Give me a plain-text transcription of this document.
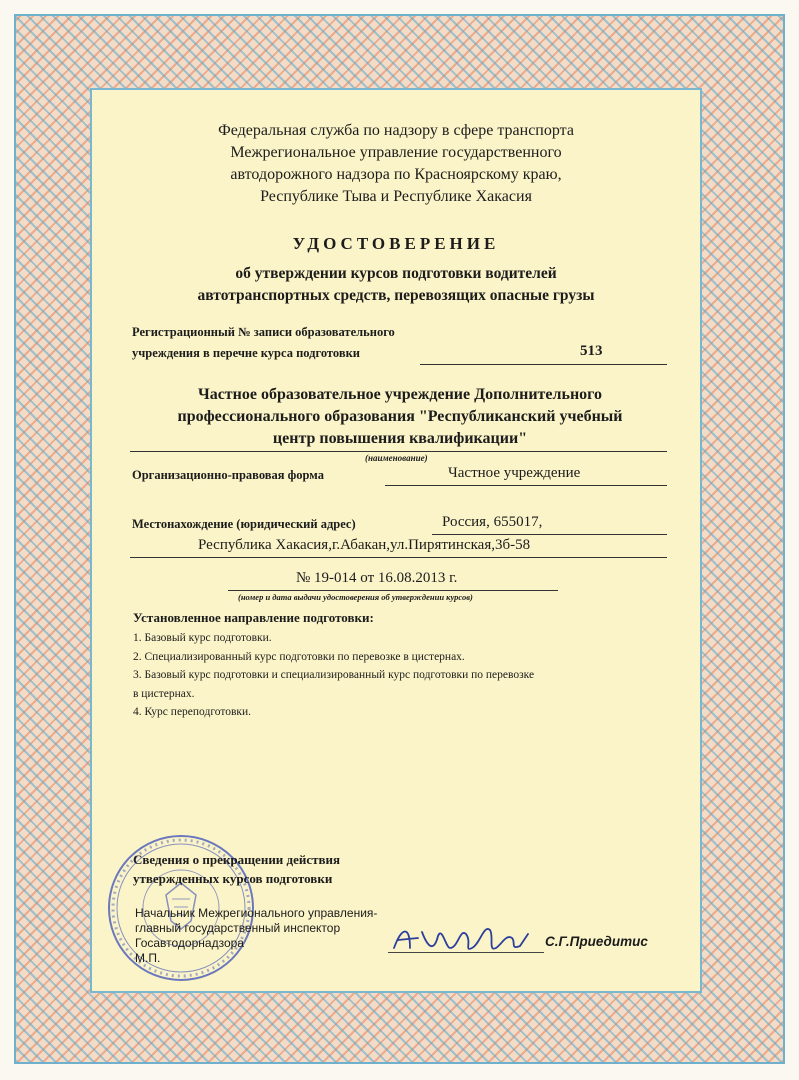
Федеральная служба по надзору в сфере транспорта
Межрегиональное управление государственного
автодорожного надзора по Красноярскому краю,
Республике Тыва и Республике Хакасия
УДОСТОВЕРЕНИЕ
об утверждении курсов подготовки водителей
автотранспортных средств, перевозящих опасные грузы
Регистрационный № записи образовательного
учреждения в перечне курса подготовки	513
Частное образовательное учреждение Дополнительного
профессионального образования "Республиканский учебный
центр повышения квалификации"
(наименование)
Организационно-правовая форма	Частное учреждение
Местонахождение (юридический адрес)	Россия, 655017,
Республика Хакасия,г.Абакан,ул.Пирятинская,3б-58
№ 19-014 от 16.08.2013 г.
(номер и дата выдачи удостоверения об утверждении курсов)
Установленное направление подготовки:
1. Базовый курс подготовки.
2. Специализированный курс подготовки по перевозке в цистернах.
3. Базовый курс подготовки и специализированный курс подготовки по перевозке
в цистернах.
4. Курс переподготовки.
Сведения о прекращении действия
утвержденных курсов подготовки
Начальник Межрегионального управления-
главный государственный инспектор
Госавтодорнадзора
М.П.
С.Г.Приедитис
